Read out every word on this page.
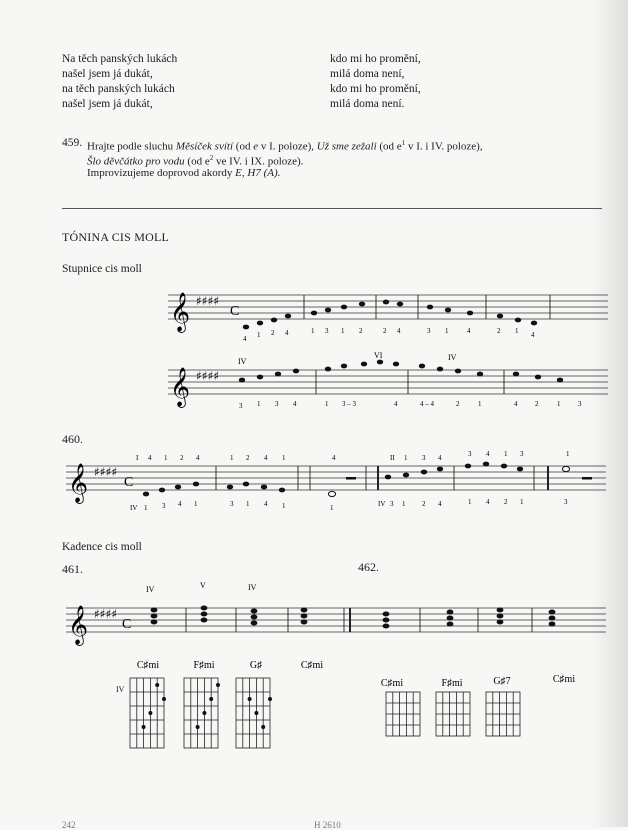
Na těch panských lukách
našel jsem já dukát,
na těch panských lukách
našel jsem já dukát,
kdo mi ho promění,
milá doma není,
kdo mi ho promění,
milá doma není.
459. Hrajte podle sluchu Měsíček svítí (od e v I. poloze), Už sme zežali (od $e^1$ v I. i IV. poloze),
Šlo děvčátko pro vodu (od $e^2$ ve IV. i IX. poloze).
Improvizujeme doprovod akordy E, H7 (A).
TÓNINA CIS MOLL
Stupnice cis moll
𝄞 ♯♯♯♯
C
4 1 2 4	1 3 1 2	2 4	3 1	4	2 1 4
𝄞 ♯♯♯♯
IV
VI	IV
3 1 3 4	1 3 – 3	4	4 – 4	2	1	4	2	1	3
460.
𝄞 ♯♯♯♯
C
I 4 1 2 4	1 2 4 1	4	II 1 3 4	3 4 1 3	1
IV 1 3 4 1	3 1 4 1	1	IV 3 1 2 4	1 4 2 1	3
Kadence cis moll
461.	462.
𝄞 ♯♯♯♯
C
IV	V	IV
C♯mi	F♯mi	G♯	C♯mi
C♯mi	F♯mi	G♯7	C♯mi
IV
242	H 2610
